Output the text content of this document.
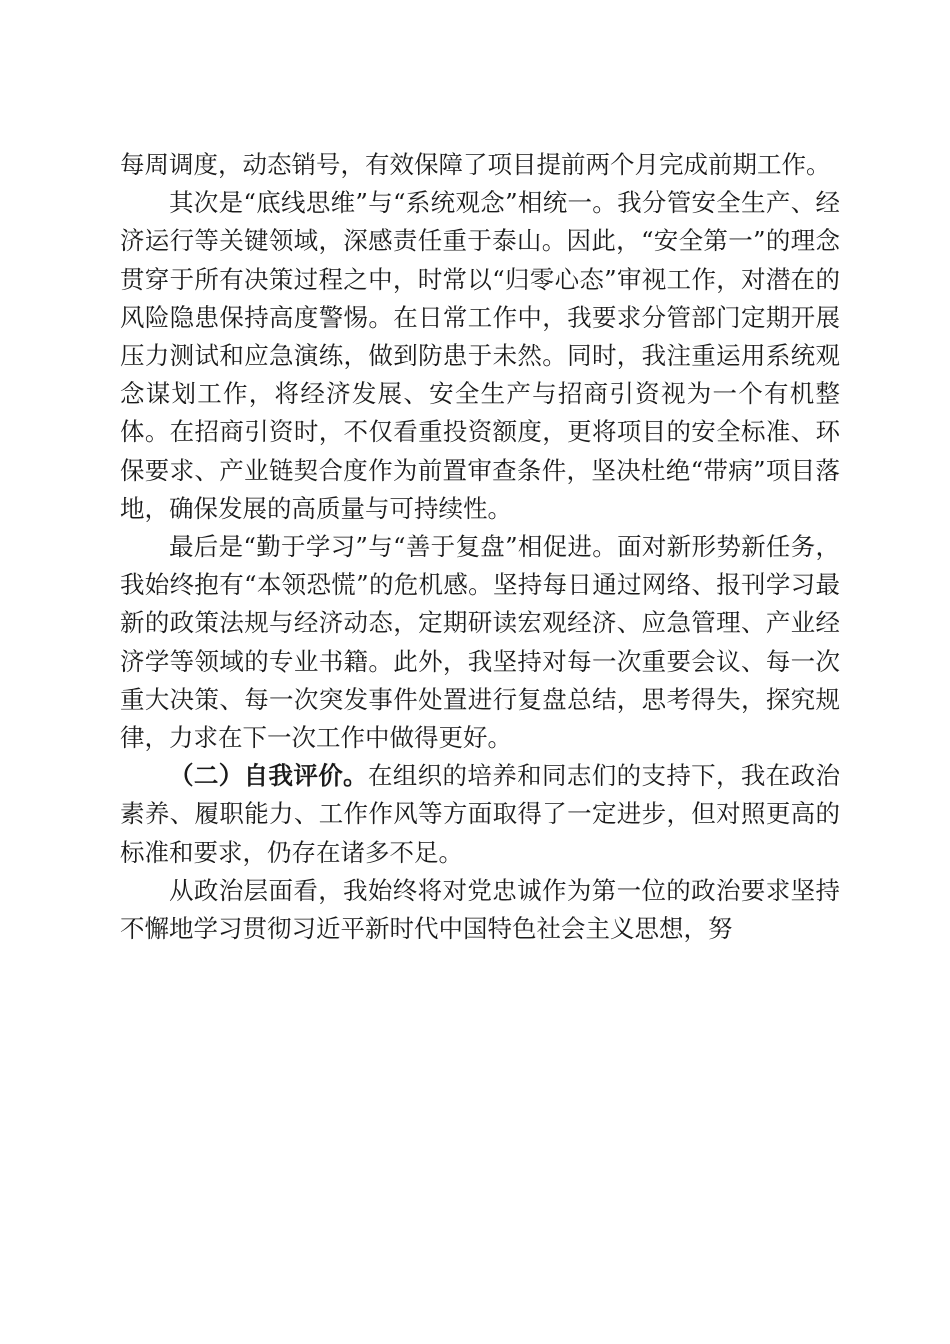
每周调度，动态销号，有效保障了项目提前两个月完成前期工作。

其次是“底线思维”与“系统观念”相统一。我分管安全生产、经济运行等关键领域，深感责任重于泰山。因此，“安全第一”的理念贯穿于所有决策过程之中，时常以“归零心态”审视工作，对潜在的风险隐患保持高度警惕。在日常工作中，我要求分管部门定期开展压力测试和应急演练，做到防患于未然。同时，我注重运用系统观念谋划工作，将经济发展、安全生产与招商引资视为一个有机整体。在招商引资时，不仅看重投资额度，更将项目的安全标准、环保要求、产业链契合度作为前置审查条件，坚决杜绝“带病”项目落地，确保发展的高质量与可持续性。

最后是“勤于学习”与“善于复盘”相促进。面对新形势新任务，我始终抱有“本领恐慌”的危机感。坚持每日通过网络、报刊学习最新的政策法规与经济动态，定期研读宏观经济、应急管理、产业经济学等领域的专业书籍。此外，我坚持对每一次重要会议、每一次重大决策、每一次突发事件处置进行复盘总结，思考得失，探究规律，力求在下一次工作中做得更好。

（二）自我评价。在组织的培养和同志们的支持下，我在政治素养、履职能力、工作作风等方面取得了一定进步，但对照更高的标准和要求，仍存在诸多不足。

从政治层面看，我始终将对党忠诚作为第一位的政治要求坚持不懈地学习贯彻习近平新时代中国特色社会主义思想，努
